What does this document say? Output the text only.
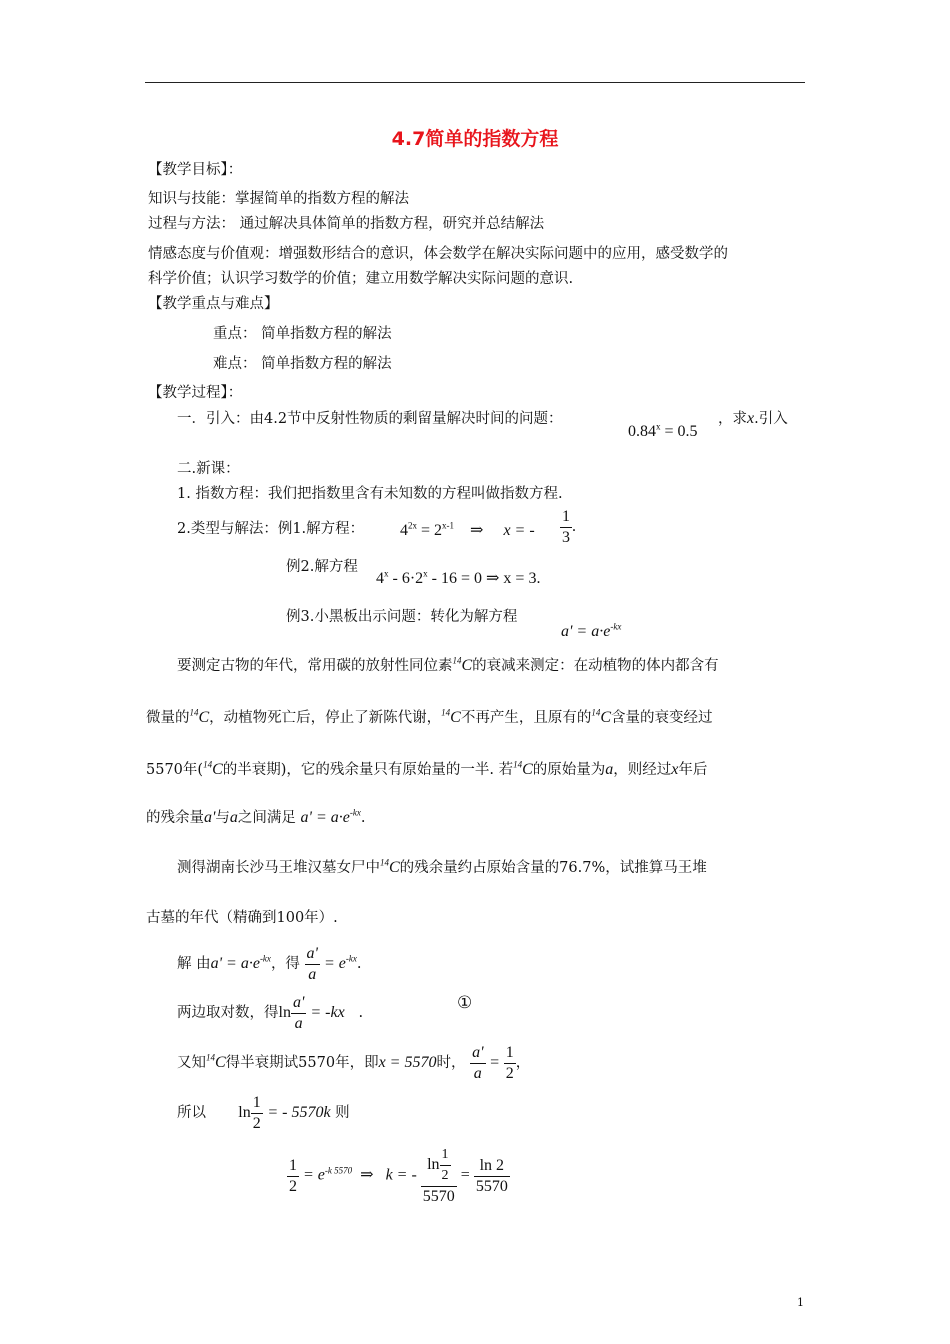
4.7简单的指数方程
【教学目标】：
知识与技能：掌握简单的指数方程的解法
过程与方法： 通过解决具体简单的指数方程，研究并总结解法
情感态度与价值观：增强数形结合的意识，体会数学在解决实际问题中的应用，感受数学的
科学价值；认识学习数学的价值；建立用数学解决实际问题的意识.
【教学重点与难点】
重点： 简单指数方程的解法
难点： 简单指数方程的解法
【教学过程】：
一．引入：由4.2节中反射性物质的剩留量解决时间的问题：
$0.84^x = 0.5$
，求x.引入
二.新课：
1. 指数方程：我们把指数里含有未知数的方程叫做指数方程.
2.类型与解法：例1.解方程： $4^{2x} = 2^{x-1}$ ⇒ x = - $\frac{1}{3}$ .
例2.解方程
$4^x - 6\cdot 2^x - 16 = 0$ ⇒ x = 3.
例3.小黑板出示问题：转化为解方程
$a' = a\cdot e^{-kx}$
要测定古物的年代，常用碳的放射性同位素$^{14}$C的衰减来测定：在动植物的体内都含有
微量的$^{14}$C，动植物死亡后，停止了新陈代谢，$^{14}$C不再产生，且原有的$^{14}$C含量的衰变经过
5570年($^{14}$C的半衰期)，它的残余量只有原始量的一半. 若$^{14}$C的原始量为a，则经过x年后
的残余量a'与a之间满足 $a' = a\cdot e^{-kx}$.
测得湖南长沙马王堆汉墓女尸中$^{14}$C的残余量约占原始含量的76.7%，试推算马王堆
古墓的年代（精确到100年）.
解 由$a' = a\cdot e^{-kx}$，得 $\frac{a'}{a} = e^{-kx}$.
两边取对数，得$\ln \frac{a'}{a} = -kx$   .
①
又知$^{14}$C得半衰期试5570年，即x = 5570时， $\frac{a'}{a} = \frac{1}{2}$ ，
所以 $\ln \frac{1}{2}$ = - 5570k 则
$\frac{1}{2} = e^{-k 5570}$ ⇒ k = - $\frac{\ln \frac{1}{2}}{5570} = \frac{\ln 2}{5570}$
1
